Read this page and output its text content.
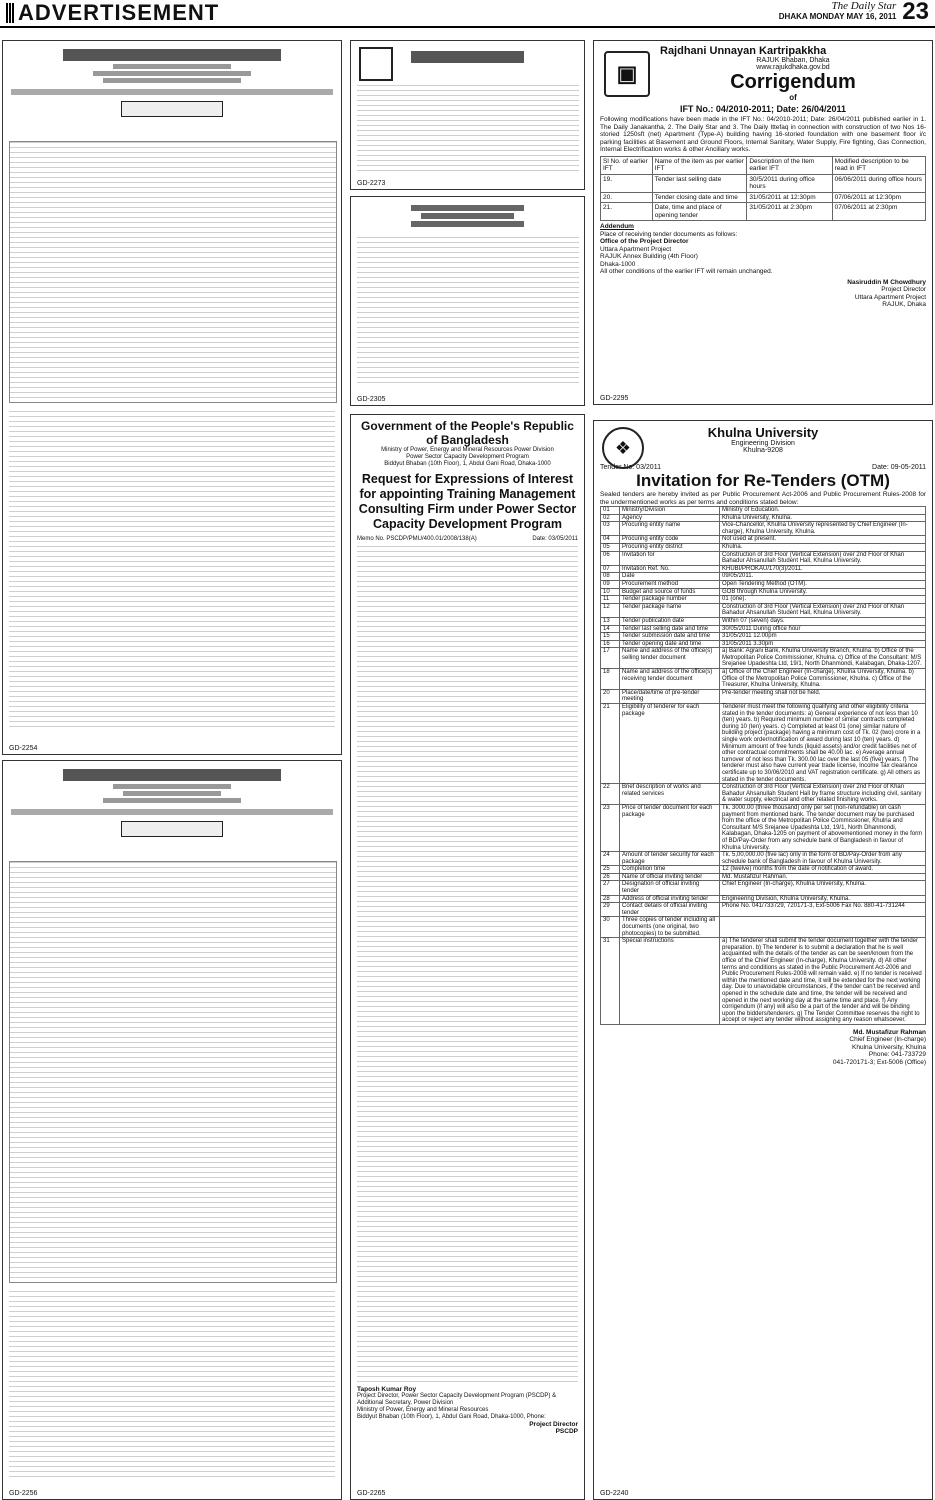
ADVERTISEMENT	The Daily Star
DHAKA MONDAY MAY 16, 2011 23
GD-2254
GD-2256
GD-2273
GD-2305
▣
Rajdhani Unnayan Kartripakkha
RAJUK Bhaban, Dhaka
www.rajukdhaka.gov.bd
Corrigendum
of
IFT No.: 04/2010-2011; Date: 26/04/2011
Following modifications have been made in the IFT No.: 04/2010-2011; Date: 26/04/2011 published earlier in 1. The Daily Janakantha, 2. The Daily Star and 3. The Daily Ittefaq in connection with construction of two Nos 16-storied 1250sft (net) Apartment (Type-A) building having 16-storied foundation with one basement floor i/c parking facilities at Basement and Ground Floors, Internal Sanitary, Water Supply, Fire fighting, Gas Connection, Internal Electrification works & other Ancillary works.
Sl No. of earlier IFT	Name of the item as per earlier IFT	Description of the Item earlier IFT	Modified description to be read in IFT
19.	Tender last selling date	30/5/2011 during office hours	06/06/2011 during office hours
20.	Tender closing date and time	31/05/2011 at 12:30pm	07/06/2011 at 12:30pm
21.	Date, time and place of opening tender	31/05/2011 at 2:30pm	07/06/2011 at 2:30pm
Addendum
Place of receiving tender documents as follows:
Office of the Project Director
Uttara Apartment Project
RAJUK Annex Building (4th Floor)
Dhaka-1000
All other conditions of the earlier IFT will remain unchanged.
Nasiruddin M Chowdhury
Project Director
Uttara Apartment Project
RAJUK, Dhaka
GD-2295
Government of the People's Republic of Bangladesh
Ministry of Power, Energy and Mineral Resources Power Division
Power Sector Capacity Development Program
Biddyut Bhaban (10th Floor), 1, Abdul Gani Road, Dhaka-1000
Request for Expressions of Interest for appointing Training Management Consulting Firm under Power Sector Capacity Development Program
Memo No. PSCDP/PMU/400.01/2008/138(A)	Date: 03/05/2011
Taposh Kumar Roy
Project Director, Power Sector Capacity Development Program (PSCDP) &
Additional Secretary, Power Division
Ministry of Power, Energy and Mineral Resources
Biddyut Bhaban (10th Floor), 1, Abdul Gani Road, Dhaka-1000, Phone:
Project Director
PSCDP
GD-2265
❖
Khulna University
Engineering Division
Khulna-9208
Tender No. 03/2011	Date: 09-05-2011
Invitation for Re-Tenders (OTM)
Sealed tenders are hereby invited as per Public Procurement Act-2006 and Public Procurement Rules-2008 for the undermentioned works as per terms and conditions stated below:
01	Ministry/Division	Ministry of Education.
02	Agency	Khulna University, Khulna.
03	Procuring entity name	Vice-Chancellor, Khulna University represented by Chief Engineer (In-charge), Khulna University, Khulna.
04	Procuring entity code	Not used at present.
05	Procuring entity district	Khulna.
06	Invitation for	Construction of 3rd Floor (Vertical Extension) over 2nd Floor of Khan Bahadur Ahsanullah Student Hall, Khulna University.
07	Invitation Ref. No.	KHUBI/PROKAU/170(3)/2011.
08	Date	09/05/2011.
09	Procurement method	Open Tendering Method (OTM).
10	Budget and source of funds	GOB through Khulna University.
11	Tender package number	01 (one).
12	Tender package name	Construction of 3rd Floor (Vertical Extension) over 2nd Floor of Khan Bahadur Ahsanullah Student Hall, Khulna University.
13	Tender publication date	Within 07 (seven) days.
14	Tender last selling date and time	30/05/2011 During office hour
15	Tender submission date and time	31/05/2011 12.00pm
16	Tender opening date and time	31/05/2011 3.30pm
17	Name and address of the office(s) selling tender document	a) Bank: Agrani Bank, Khulna University Branch, Khulna. b) Office of the Metropolitan Police Commissioner, Khulna. c) Office of the Consultant: M/S Srejanee Upadeshta Ltd, 19/1, North Dhanmondi, Kalabagan, Dhaka-1207.
18	Name and address of the office(s) receiving tender document	a) Office of the Chief Engineer (In-charge), Khulna University, Khulna. b) Office of the Metropolitan Police Commissioner, Khulna. c) Office of the Treasurer, Khulna University, Khulna.
20	Place/date/time of pre-tender meeting	Pre-tender meeting shall not be held.
21	Eligibility of tenderer for each package	Tenderer must meet the following qualifying and other eligibility criteria stated in the tender documents: a) General experience of not less than 10 (ten) years. b) Required minimum number of similar contracts completed during 10 (ten) years. c) Completed at least 01 (one) similar nature of building project (package) having a minimum cost of Tk. 02 (two) crore in a single work order/notification of award during last 10 (ten) years. d) Minimum amount of free funds (liquid assets) and/or credit facilities net of other contractual commitments shall be 40.00 lac. e) Average annual turnover of not less than Tk. 300.00 lac over the last 05 (five) years. f) The tenderer must also have current year trade license, Income Tax clearance certificate up to 30/06/2010 and VAT registration certificate. g) All others as stated in the tender documents.
22	Brief description of works and related services	Construction of 3rd Floor (Vertical Extension) over 2nd Floor of Khan Bahadur Ahsanullah Student Hall by frame structure including civil, sanitary & water supply, electrical and other related finishing works.
23	Price of tender document for each package	Tk. 3000.00 (three thousand) only per set (non-refundable) on cash payment from mentioned bank. The tender document may be purchased from the office of the Metropolitan Police Commissioner, Khulna and Consultant M/S Srejanee Upadeshta Ltd, 19/1, North Dhanmondi, Kalabagan, Dhaka-1205 on payment of abovementioned money in the form of BD/Pay-Order from any schedule bank of Bangladesh in favour of Khulna University.
24	Amount of tender security for each package	Tk. 5,00,000.00 (five lac) only in the form of BD/Pay-Order from any schedule bank of Bangladesh in favour of Khulna University.
25	Completion time	12 (twelve) months from the date of notification of award.
26	Name of official inviting tender	Md. Mustafizur Rahman.
27	Designation of official inviting tender	Chief Engineer (In-charge), Khulna University, Khulna.
28	Address of official inviting tender	Engineering Division, Khulna University, Khulna.
29	Contact details of official inviting tender	Phone No. 041/733729, 720171-3, Ext-5006 Fax No. 880-41-731244
30	Three copies of tender including all documents (one original, two photocopies) to be submitted.	
31	Special instructions	a) The tenderer shall submit the tender document together with the tender preparation. b) The tenderer is to submit a declaration that he is well acquainted with the details of the tender as can be seen/known from the office of the Chief Engineer (In-charge), Khulna University. d) All other terms and conditions as stated in the Public Procurement Act-2006 and Public Procurement Rules-2008 will remain valid. e) If no tender is received within the mentioned date and time, it will be extended for the next working day. Due to unavoidable circumstances, if the tender can't be received and opened in the schedule date and time, the tender will be received and opened in the next working day at the same time and place. f) Any corrigendum (if any) will also be a part of the tender and will be binding upon the bidders/tenderers. g) The Tender Committee reserves the right to accept or reject any tender without assigning any reason whatsoever.
Md. Mustafizur Rahman
Chief Engineer (In-charge)
Khulna University, Khulna
Phone: 041-733729
041-720171-3; Ext-5006 (Office)
GD-2240
